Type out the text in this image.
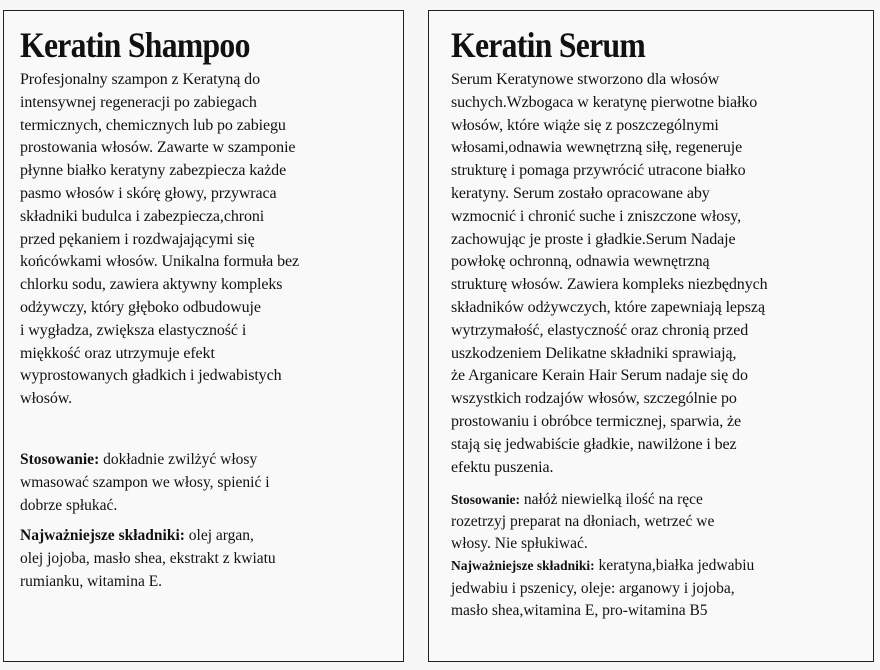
Keratin Shampoo

Profesjonalny szampon z Keratyną do
intensywnej regeneracji po zabiegach
termicznych, chemicznych lub po zabiegu
prostowania włosów. Zawarte w szamponie
płynne białko keratyny zabezpiecza każde
pasmo włosów i skórę głowy, przywraca
składniki budulca i zabezpiecza,chroni
przed pękaniem i rozdwajającymi się
końcówkami włosów. Unikalna formuła bez
chlorku sodu, zawiera aktywny kompleks
odżywczy, który głęboko odbudowuje
i wygładza, zwiększa elastyczność i
miękkość oraz utrzymuje efekt
wyprostowanych gładkich i jedwabistych
włosów.

Stosowanie: dokładnie zwilżyć włosy
wmasować szampon we włosy, spienić i
dobrze spłukać.

Najważniejsze składniki: olej argan,
olej jojoba, masło shea, ekstrakt z kwiatu
rumianku, witamina E.

Keratin Serum

Serum Keratynowe stworzono dla włosów
suchych.Wzbogaca w keratynę pierwotne białko
włosów, które wiąże się z poszczególnymi
włosami,odnawia wewnętrzną siłę, regeneruje
strukturę i pomaga przywrócić utracone białko
keratyny. Serum zostało opracowane aby
wzmocnić i chronić suche i zniszczone włosy,
zachowując je proste i gładkie.Serum Nadaje
powłokę ochronną, odnawia wewnętrzną
strukturę włosów. Zawiera kompleks niezbędnych
składników odżywczych, które zapewniają lepszą
wytrzymałość, elastyczność oraz chronią przed
uszkodzeniem Delikatne składniki sprawiają,
że Arganicare Kerain Hair Serum nadaje się do
wszystkich rodzajów włosów, szczególnie po
prostowaniu i obróbce termicznej, sparwia, że
stają się jedwabiście gładkie, nawilżone i bez
efektu puszenia.

Stosowanie: nałóż niewielką ilość na ręce
rozetrzyj preparat na dłoniach, wetrzeć we
włosy. Nie spłukiwać.

Najważniejsze składniki: keratyna,białka jedwabiu
jedwabiu i pszenicy, oleje: arganowy i jojoba,
masło shea,witamina E, pro-witamina B5
